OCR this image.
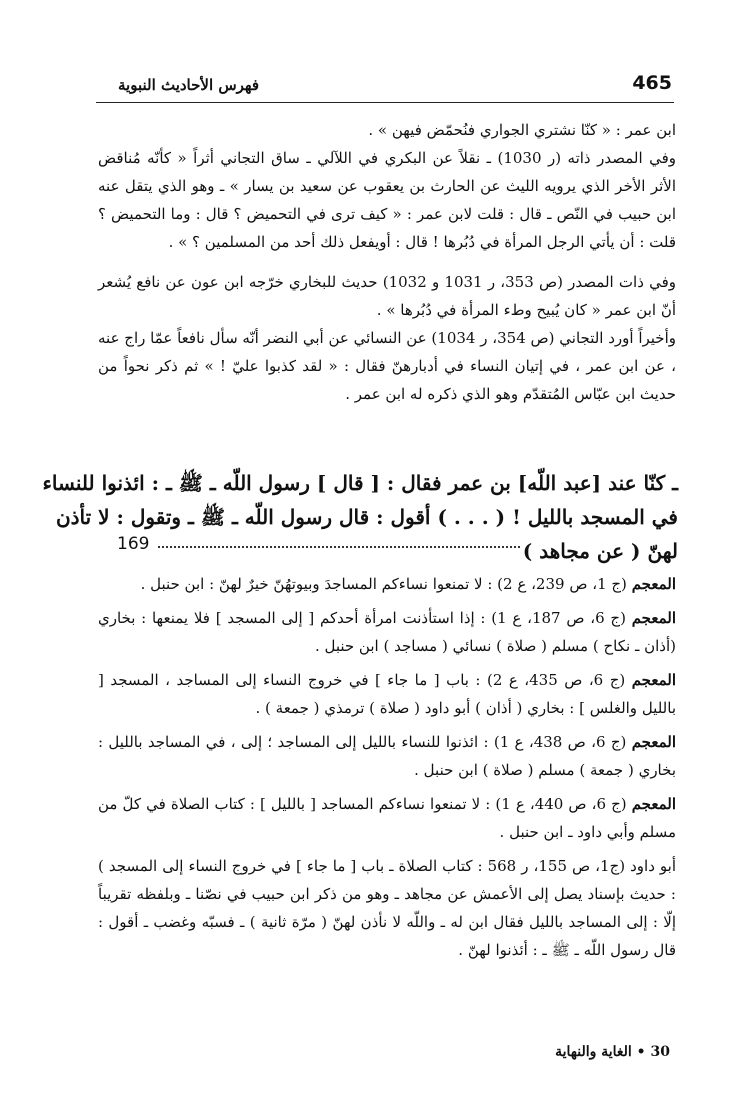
465
فهرس الأحاديث النبوية

ابن عمر : « كنّا نشتري الجواري فنُحمّض فيهن » .

وفي المصدر ذاته (ر 1030) ـ نقلاً عن البكري في اللآلي ـ ساق التجاني أثراً « كأنّه مُناقض الأثر الأخر الذي يرويه الليث عن الحارث بن يعقوب عن سعيد بن يسار » ـ وهو الذي يتقل عنه ابن حبيب في النّص ـ قال : قلت لابن عمر : « كيف ترى في التحميض ؟ قال : وما التحميض ؟ قلت : أن يأتي الرجل المرأة في دُبُرها ! قال : أويفعل ذلك أحد من المسلمين ؟ » .

وفي ذات المصدر (ص 353، ر 1031 و 1032) حديث للبخاري خرّجه ابن عون عن نافع يُشعر أنّ ابن عمر « كان يُبيح وطء المرأة في دُبُرها » .

وأخيراً أورد التجاني (ص 354، ر 1034) عن النسائي عن أبي النضر أنّه سأل نافعاً عمّا راج عنه ، عن ابن عمر ، في إتيان النساء في أدبارهنّ فقال : « لقد كذبوا عليّ ! » ثم ذكر نحواً من حديث ابن عبّاس المُتقدّم وهو الذي ذكره له ابن عمر .

ـ كنّا عند [عبد اللّه] بن عمر فقال : [ قال ] رسول اللّه ـ ﷺ ـ : ائذنوا للنساء
في المسجد بالليل ! ( . . . ) أقول : قال رسول اللّه ـ ﷺ ـ وتقول : لا تأذن
لهنّ ( عن مجاهد )
169

المعجم (ج 1، ص 239، ع 2) : لا تمنعوا نساءكم المساجدَ وبيوتهُنّ خيرٌ لهنّ : ابن حنبل .

المعجم (ج 6، ص 187، ع 1) : إذا استأذنت امرأة أحدكم [ إلى المسجد ] فلا يمنعها : بخاري (أذان ـ نكاح ) مسلم ( صلاة ) نسائي ( مساجد ) ابن حنبل .

المعجم (ج 6، ص 435، ع 2) : باب [ ما جاء ] في خروج النساء إلى المساجد ، المسجد [ بالليل والغلس ] : بخاري ( أذان ) أبو داود ( صلاة ) ترمذي ( جمعة ) .

المعجم (ج 6، ص 438، ع 1) : ائذنوا للنساء بالليل إلى المساجد ؛ إلى ، في المساجد بالليل : بخاري ( جمعة ) مسلم ( صلاة ) ابن حنبل .

المعجم (ج 6، ص 440، ع 1) : لا تمنعوا نساءكم المساجد [ بالليل ] : كتاب الصلاة في كلّ من مسلم وأبي داود ـ ابن حنبل .

أبو داود (ج1، ص 155، ر 568 : كتاب الصلاة ـ باب [ ما جاء ] في خروج النساء إلى المسجد ) : حديث بإسناد يصل إلى الأعمش عن مجاهد ـ وهو من ذكر ابن حبيب في نصّنا ـ وبلفظه تقريباً إلّا : إلى المساجد بالليل فقال ابن له ـ واللّه لا نأذن لهنّ ( مرّة ثانية ) ـ فسبّه وغضب ـ أقول : قال رسول اللّه ـ ﷺ ـ : أئذنوا لهنّ .

30 • الغاية والنهاية
